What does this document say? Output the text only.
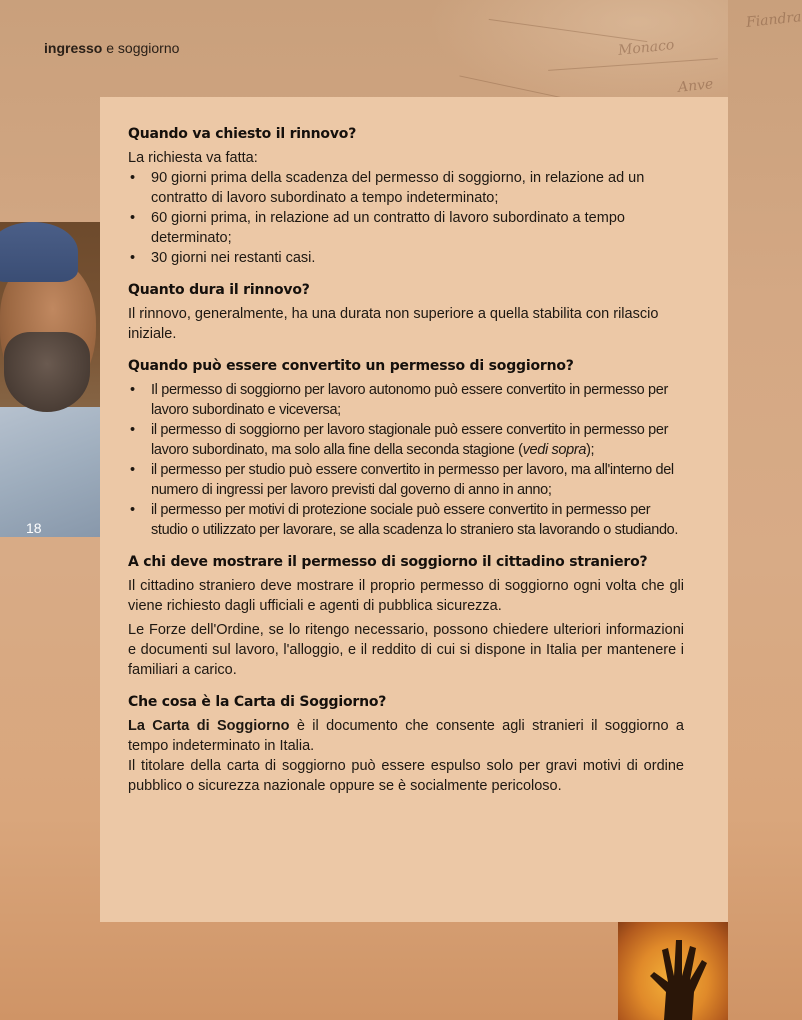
Fiandra
Monaco
Anve
ingresso e soggiorno
18
Quando va chiesto il rinnovo?

La richiesta va fatta:

• 90 giorni prima della scadenza del permesso di soggiorno, in relazione ad un contratto di lavoro subordinato a tempo indeterminato;
• 60 giorni prima, in relazione ad un contratto di lavoro subordinato a tempo determinato;
• 30 giorni nei restanti casi.
Quanto dura il rinnovo?

Il rinnovo, generalmente, ha una durata non superiore a quella stabilita con rilascio iniziale.

Quando può essere convertito un permesso di soggiorno?
• Il permesso di soggiorno per lavoro autonomo può essere convertito in permesso per lavoro subordinato e viceversa;
• il permesso di soggiorno per lavoro stagionale può essere convertito in permesso per lavoro subordinato, ma solo alla fine della seconda stagione (vedi sopra);
• il permesso per studio può essere convertito in permesso per lavoro, ma all'interno del numero di ingressi per lavoro previsti dal governo di anno in anno;
• il permesso per motivi di protezione sociale può essere convertito in permesso per studio o utilizzato per lavorare, se alla scadenza lo straniero sta lavorando o studiando.
A chi deve mostrare il permesso di soggiorno il cittadino straniero?

Il cittadino straniero deve mostrare il proprio permesso di soggiorno ogni volta che gli viene richiesto dagli ufficiali e agenti di pubblica sicurezza.

Le Forze dell'Ordine, se lo ritengo necessario, possono chiedere ulteriori informazioni e documenti sul lavoro, l'alloggio, e il reddito di cui si dispone in Italia per mantenere i familiari a carico.

Che cosa è la Carta di Soggiorno?

La Carta di Soggiorno è il documento che consente agli stranieri il soggiorno a tempo indeterminato in Italia.

Il titolare della carta di soggiorno può essere espulso solo per gravi motivi di ordine pubblico o sicurezza nazionale oppure se è socialmente pericoloso.
